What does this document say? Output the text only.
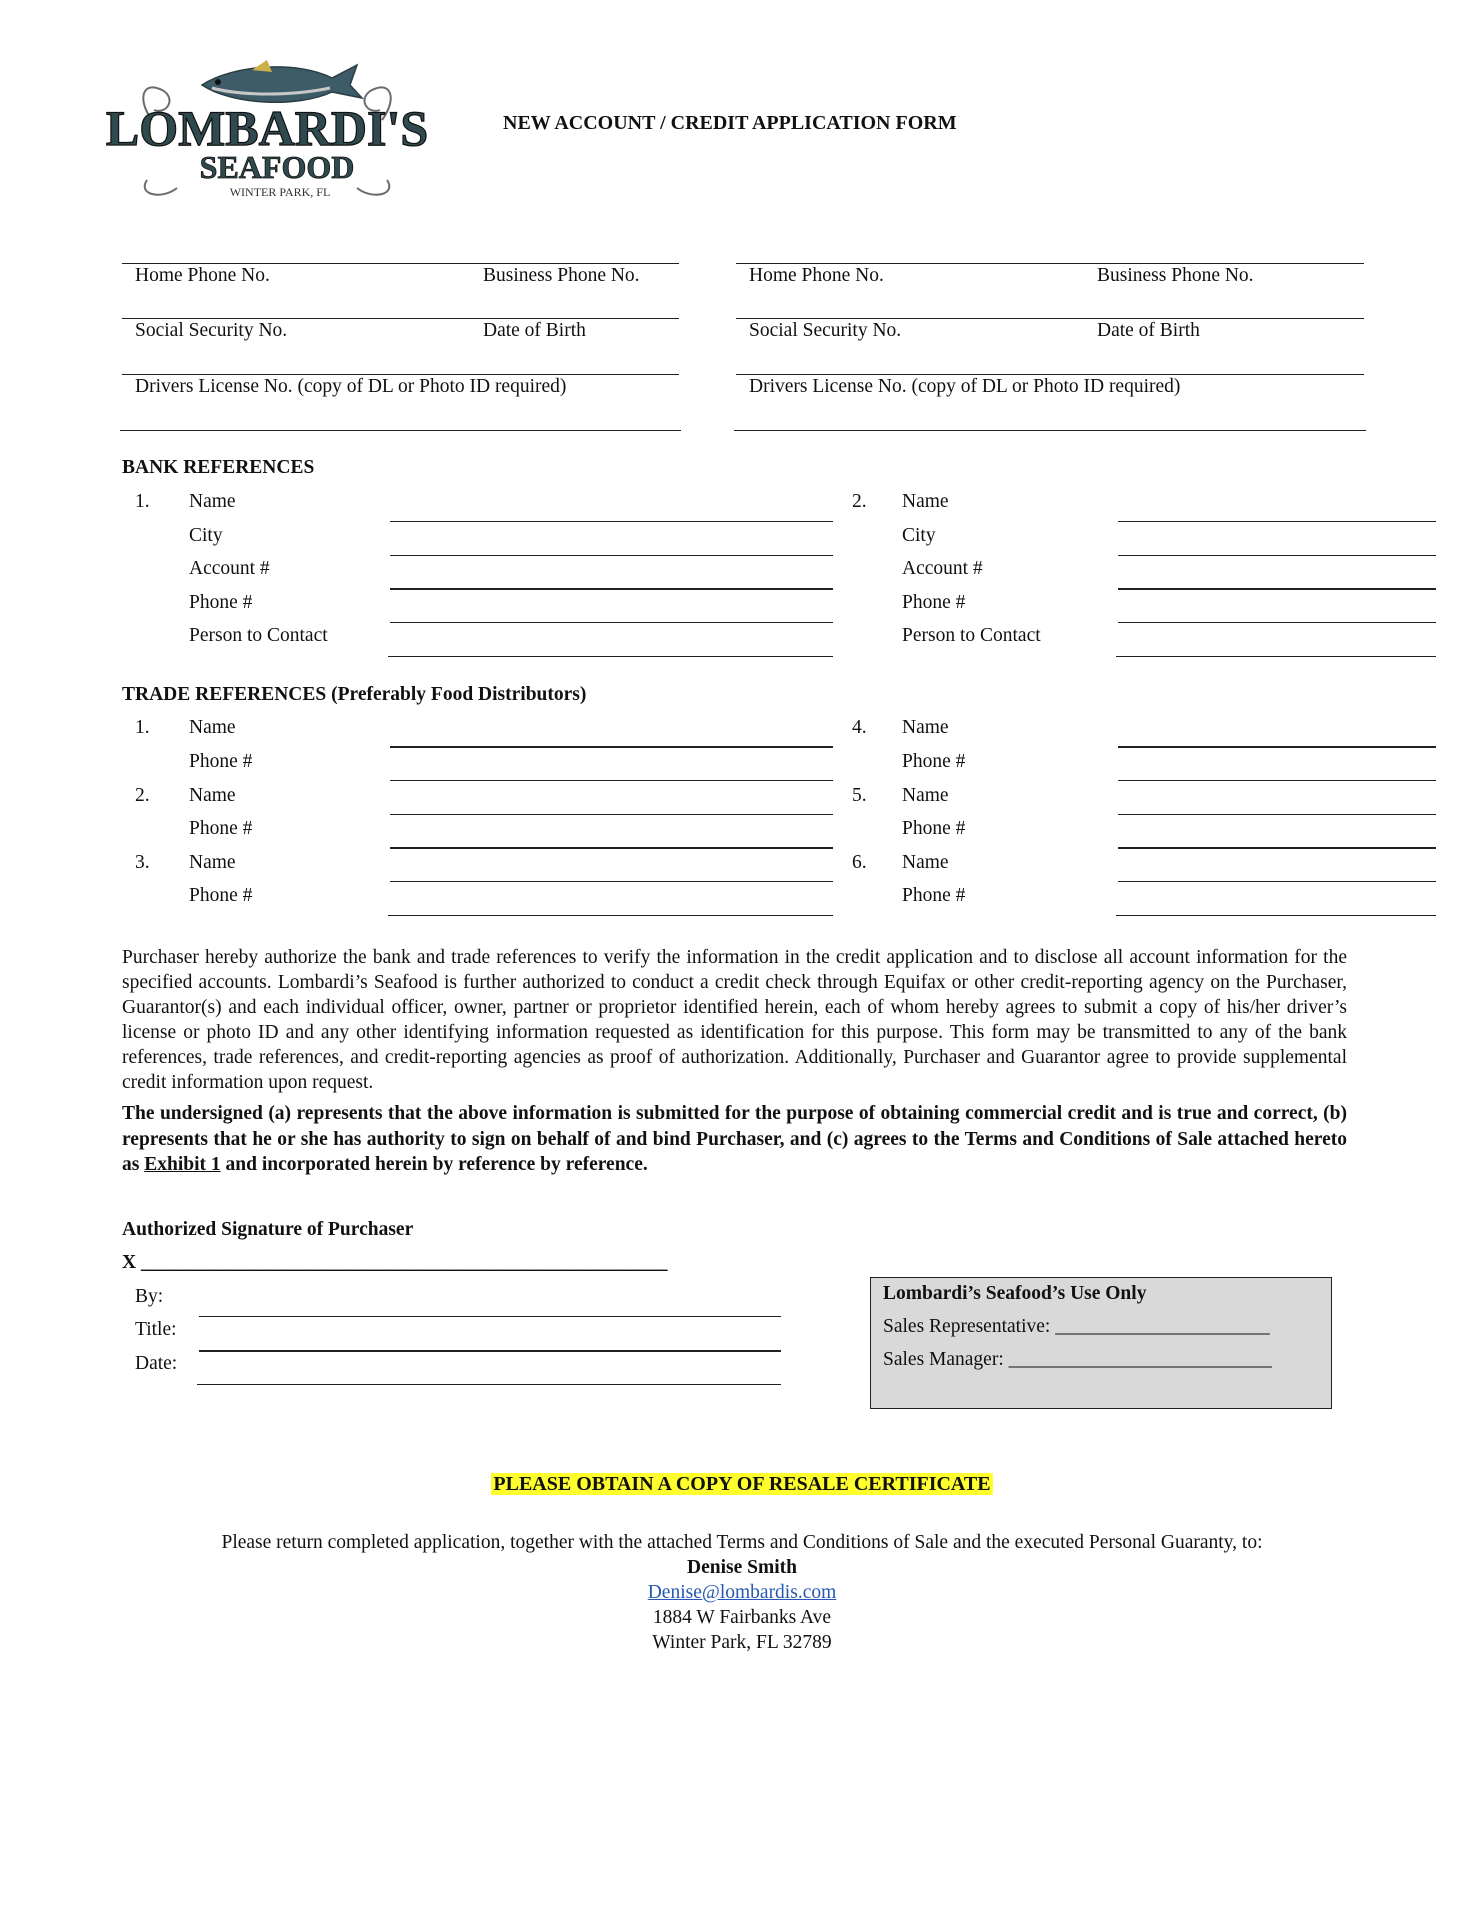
LOMBARDI'S
SEAFOOD
WINTER PARK, FL
NEW ACCOUNT / CREDIT APPLICATION FORM
Home Phone No.	Business Phone No.
Social Security No.	Date of Birth
Drivers License No. (copy of DL or Photo ID required)
Home Phone No.	Business Phone No.
Social Security No.	Date of Birth
Drivers License No. (copy of DL or Photo ID required)
BANK REFERENCES
1. Name
City
Account #
Phone #
Person to Contact
2. Name
City
Account #
Phone #
Person to Contact
TRADE REFERENCES (Preferably Food Distributors)
1. Name
Phone #
2. Name
Phone #
3. Name
Phone #
4. Name
Phone #
5. Name
Phone #
6. Name
Phone #
Purchaser hereby authorize the bank and trade references to verify the information in the credit application and to disclose all account information for the specified accounts. Lombardi’s Seafood is further authorized to conduct a credit check through Equifax or other credit-reporting agency on the Purchaser, Guarantor(s) and each individual officer, owner, partner or proprietor identified herein, each of whom hereby agrees to submit a copy of his/her driver’s license or photo ID and any other identifying information requested as identification for this purpose. This form may be transmitted to any of the bank references, trade references, and credit-reporting agencies as proof of authorization. Additionally, Purchaser and Guarantor agree to provide supplemental credit information upon request.
The undersigned (a) represents that the above information is submitted for the purpose of obtaining commercial credit and is true and correct, (b) represents that he or she has authority to sign on behalf of and bind Purchaser, and (c) agrees to the Terms and Conditions of Sale attached hereto as Exhibit 1 and incorporated herein by reference by reference.
Authorized Signature of Purchaser
X ______________________________________________________
By:
Title:
Date:
Lombardi’s Seafood’s Use Only
Sales Representative: ______________________
Sales Manager: ___________________________
PLEASE OBTAIN A COPY OF RESALE CERTIFICATE
Please return completed application, together with the attached Terms and Conditions of Sale and the executed Personal Guaranty, to:
Denise Smith
Denise@lombardis.com
1884 W Fairbanks Ave
Winter Park, FL 32789
